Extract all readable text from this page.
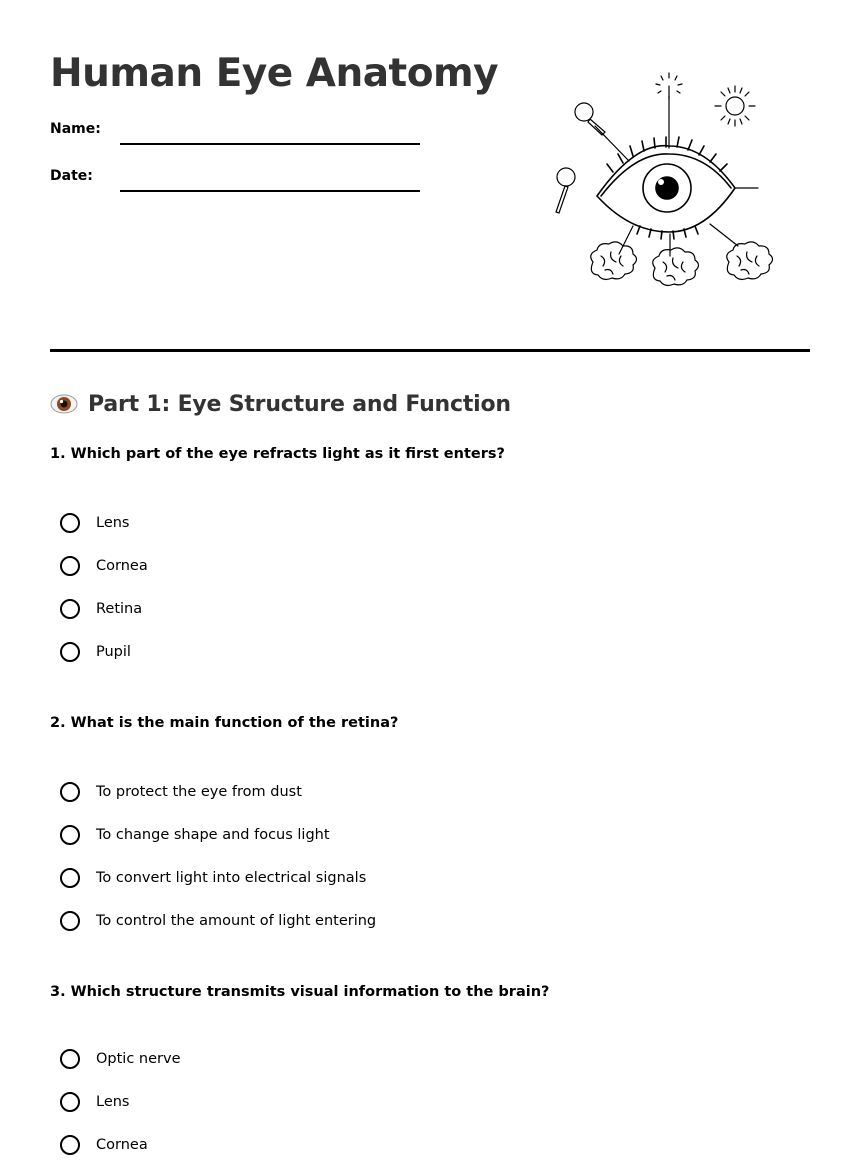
Human Eye Anatomy
Name:
Date:
Part 1: Eye Structure and Function
1. Which part of the eye refracts light as it first enters?
Lens
Cornea
Retina
Pupil
2. What is the main function of the retina?
To protect the eye from dust
To change shape and focus light
To convert light into electrical signals
To control the amount of light entering
3. Which structure transmits visual information to the brain?
Optic nerve
Lens
Cornea
